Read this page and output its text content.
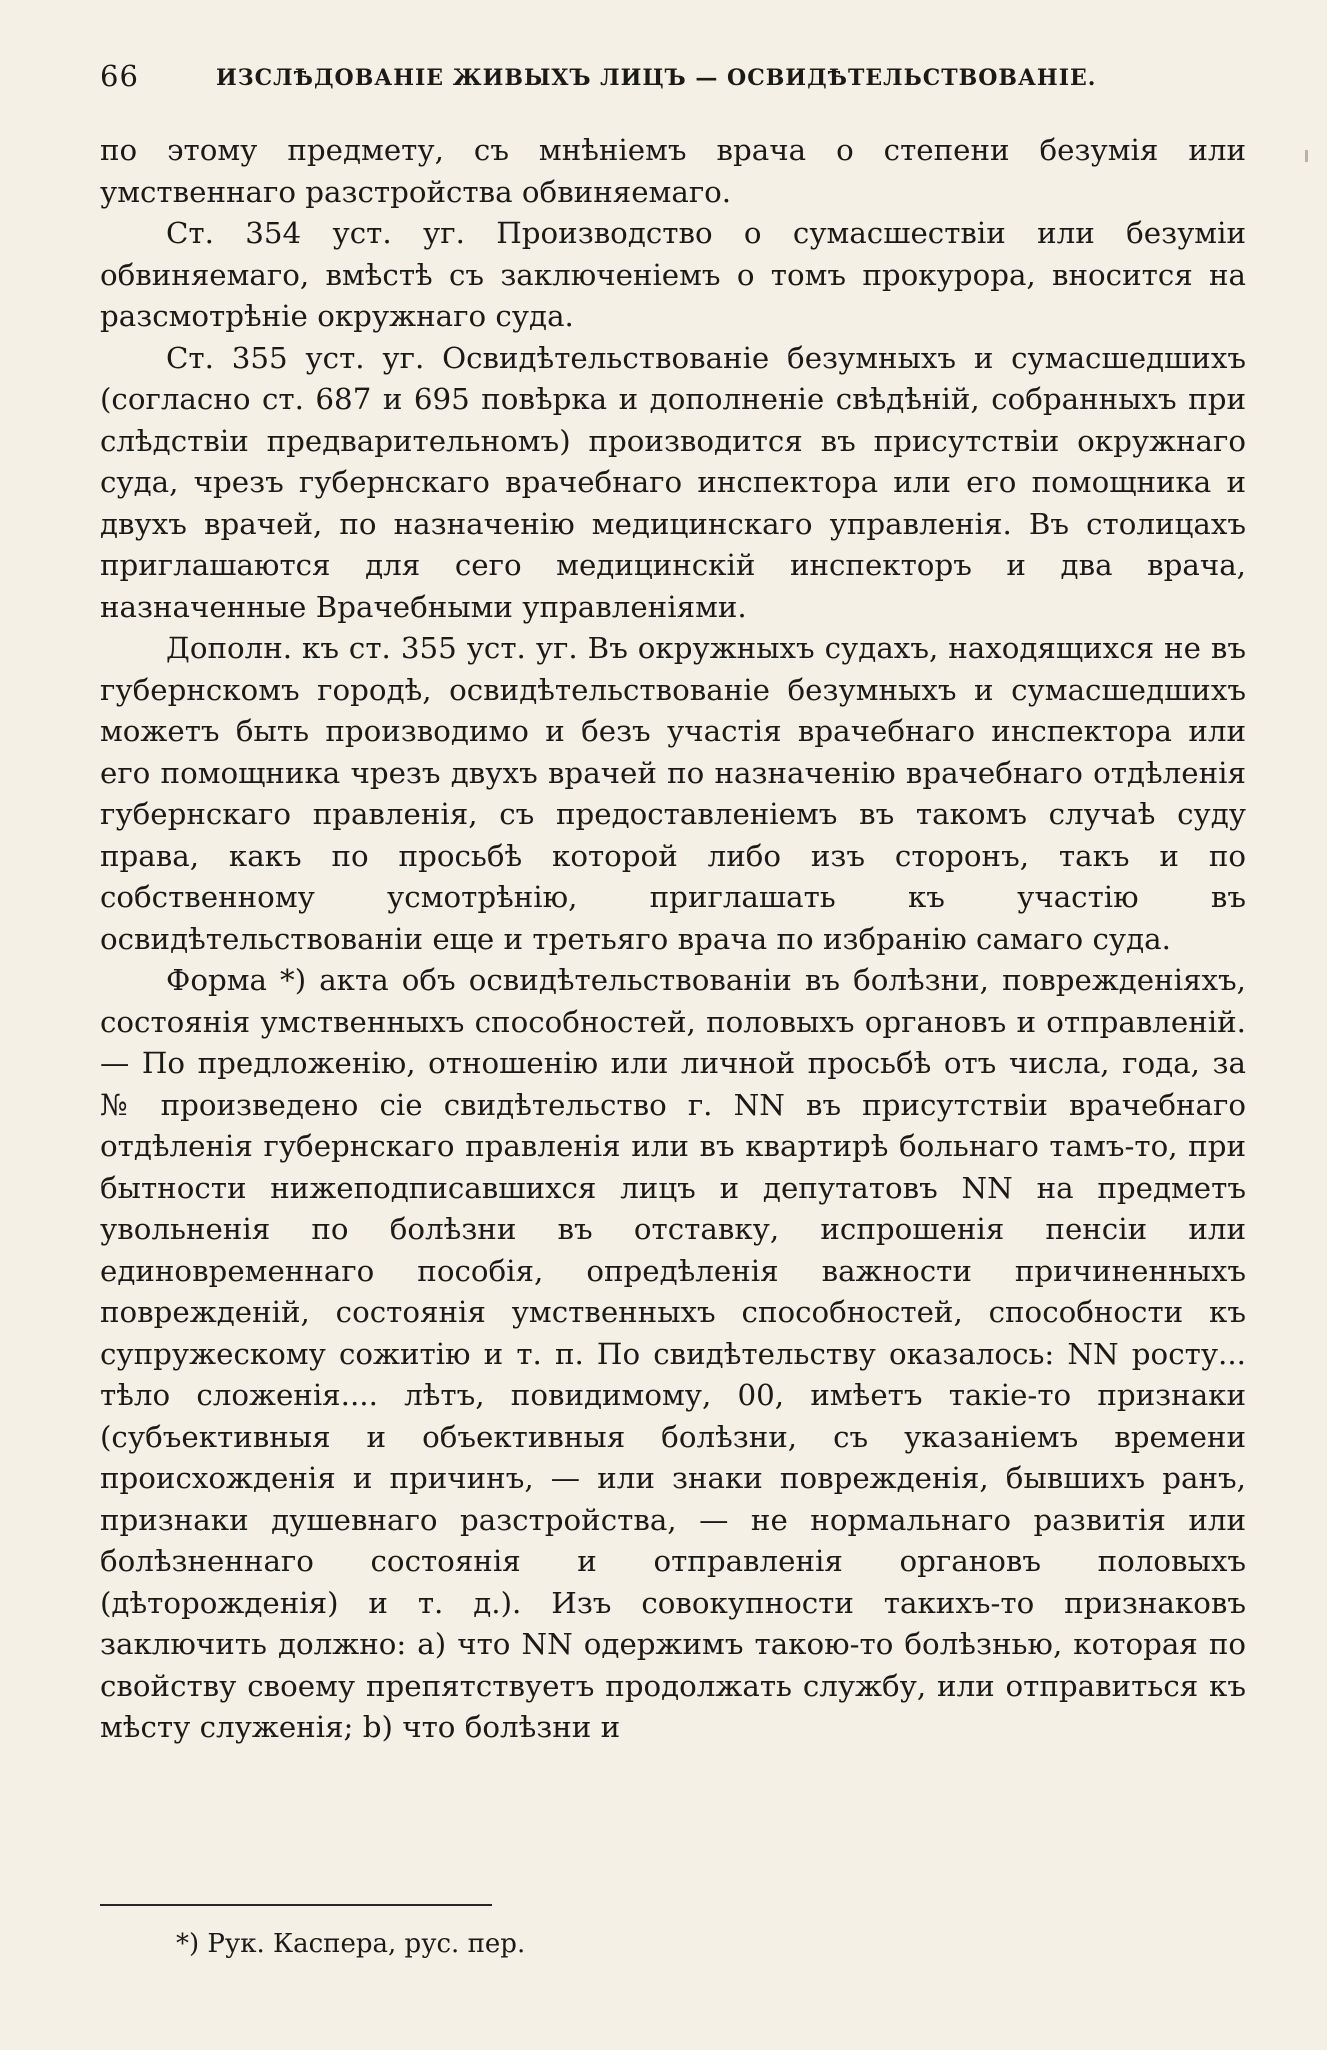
66	ИЗСЛѢДОВАНІЕ ЖИВЫХЪ ЛИЦЪ — ОСВИДѢТЕЛЬСТВОВАНІЕ.

по этому предмету, съ мнѣніемъ врача о степени безумія или умственнаго разстройства обвиняемаго.

Ст. 354 уст. уг. Производство о сумасшествіи или безуміи обвиняемаго, вмѣстѣ съ заключеніемъ о томъ прокурора, вносится на разсмотрѣніе окружнаго суда.

Ст. 355 уст. уг. Освидѣтельствованіе безумныхъ и сумасшедшихъ (согласно ст. 687 и 695 повѣрка и дополненіе свѣдѣній, собранныхъ при слѣдствіи предварительномъ) производится въ присутствіи окружнаго суда, чрезъ губернскаго врачебнаго инспектора или его помощника и двухъ врачей, по назначенію медицинскаго управленія. Въ столицахъ приглашаются для сего медицинскій инспекторъ и два врача, назначенные Врачебными управленіями.

Дополн. къ ст. 355 уст. уг. Въ окружныхъ судахъ, находящихся не въ губернскомъ городѣ, освидѣтельствованіе безумныхъ и сумасшедшихъ можетъ быть производимо и безъ участія врачебнаго инспектора или его помощника чрезъ двухъ врачей по назначенію врачебнаго отдѣленія губернскаго правленія, съ предоставленіемъ въ такомъ случаѣ суду права, какъ по просьбѣ которой либо изъ сторонъ, такъ и по собственному усмотрѣнію, приглашать къ участію въ освидѣтельствованіи еще и третьяго врача по избранію самаго суда.

Форма *) акта объ освидѣтельствованіи въ болѣзни, поврежденіяхъ, состоянія умственныхъ способностей, половыхъ органовъ и отправленій. — По предложенію, отношенію или личной просьбѣ отъ числа, года, за № произведено сіе свидѣтельство г. NN въ присутствіи врачебнаго отдѣленія губернскаго правленія или въ квартирѣ больнаго тамъ-то, при бытности нижеподписавшихся лицъ и депутатовъ NN на предметъ увольненія по болѣзни въ отставку, испрошенія пенсіи или единовременнаго пособія, опредѣленія важности причиненныхъ поврежденій, состоянія умственныхъ способностей, способности къ супружескому сожитію и т. п. По свидѣтельству оказалось: NN росту... тѣло сложенія.... лѣтъ, повидимому, 00, имѣетъ такіе-то признаки (субъективныя и объективныя болѣзни, съ указаніемъ времени происхожденія и причинъ, — или знаки поврежденія, бывшихъ ранъ, признаки душевнаго разстройства, — не нормальнаго развитія или болѣзненнаго состоянія и отправленія органовъ половыхъ (дѣторожденія) и т. д.). Изъ совокупности такихъ-то признаковъ заключить должно: а) что NN одержимъ такою-то болѣзнью, которая по свойству своему препятствуетъ продолжать службу, или отправиться къ мѣсту служенія; b) что болѣзни и

*) Рук. Каспера, рус. пер.
